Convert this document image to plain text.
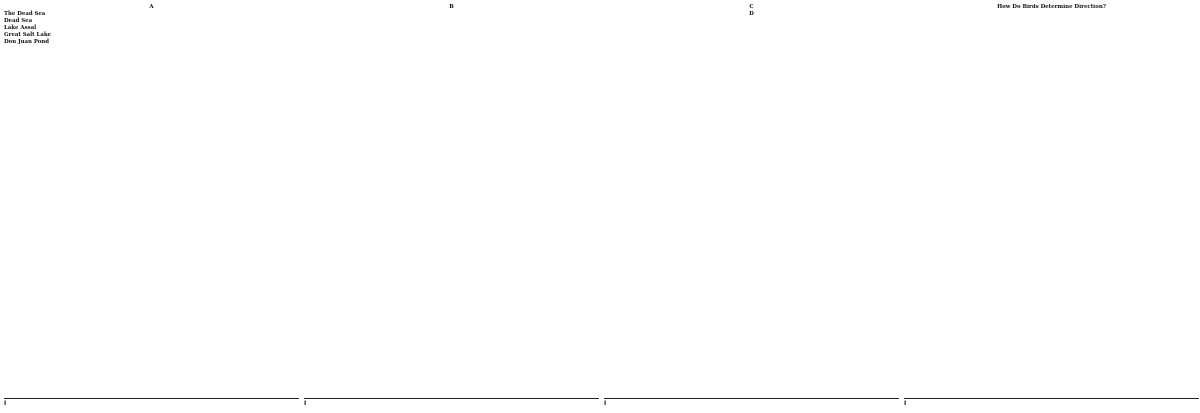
A

The Dead Sea

Dead Sea

Lake Assal

Great Salt Lake

Don Juan Pond

Ⅰ

B

Ⅰ

C

D

Ⅰ

How Do Birds Determine Direction?

Ⅰ
